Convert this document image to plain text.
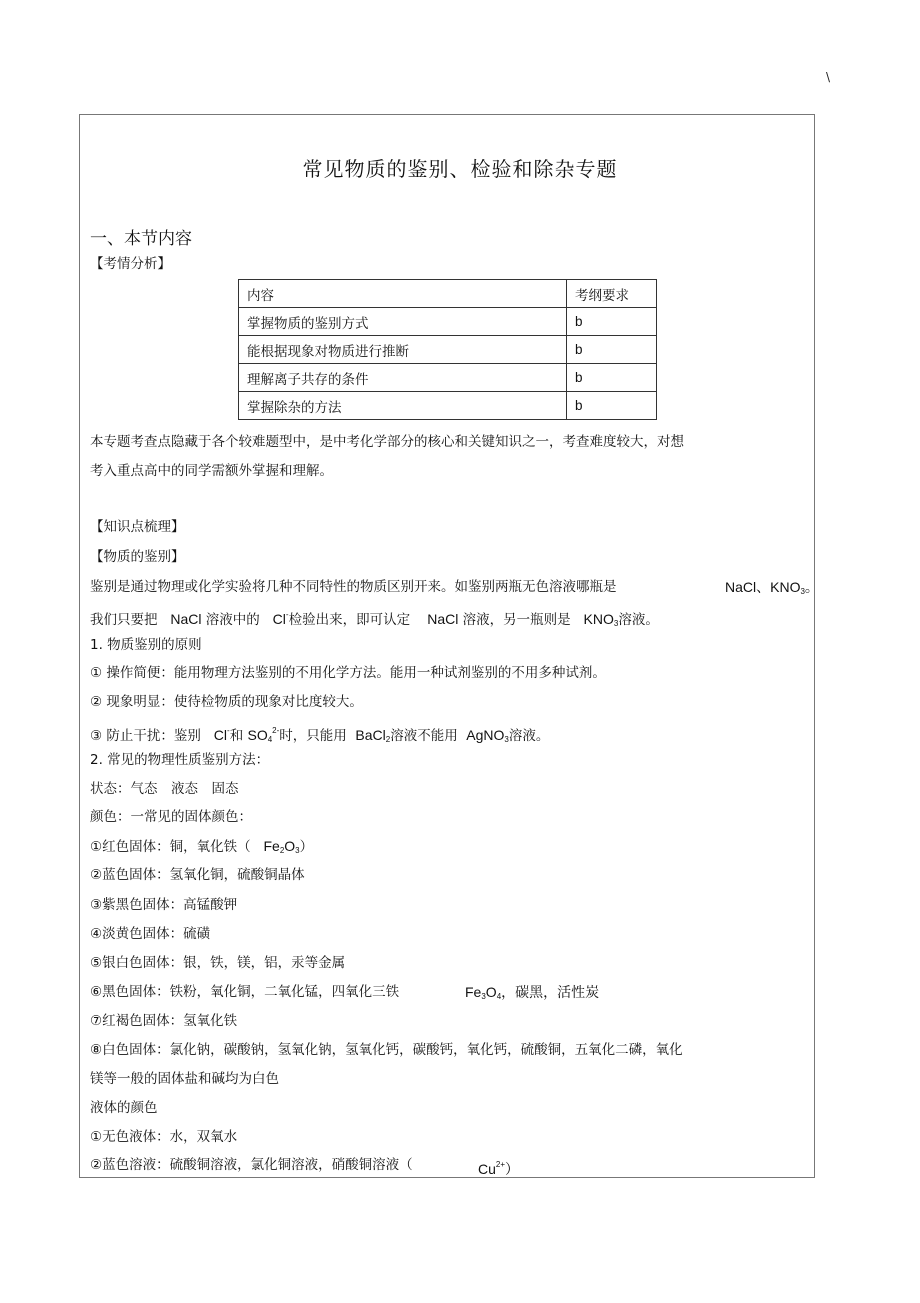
\
常见物质的鉴别、检验和除杂专题
一、本节内容
【考情分析】
内容	考纲要求
掌握物质的鉴别方式	b
能根据现象对物质进行推断	b
理解离子共存的条件	b
掌握除杂的方法	b
本专题考查点隐藏于各个较难题型中，是中考化学部分的核心和关键知识之一，考查难度较大，对想
考入重点高中的同学需额外掌握和理解。
【知识点梳理】
【物质的鉴别】
鉴别是通过物理或化学实验将几种不同特性的物质区别开来。如鉴别两瓶无色溶液哪瓶是	NaCl、$KNO_3$。
我们只要把 NaCl 溶液中的 Cl-检验出来，即可认定 NaCl 溶液，另一瓶则是 $KNO_3$溶液。
1. 物质鉴别的原则
① 操作简便：能用物理方法鉴别的不用化学方法。能用一种试剂鉴别的不用多种试剂。
② 现象明显：使待检物质的现象对比度较大。
③ 防止干扰：鉴别 Cl-和 $SO_4^{2-}$时，只能用 BaCl$_2$溶液不能用 AgNO$_3$溶液。
2. 常见的物理性质鉴别方法：
状态：气态　液态　固态
颜色：一常见的固体颜色：
①红色固体：铜，氧化铁（ $Fe_2O_3$）
②蓝色固体：氢氧化铜，硫酸铜晶体
③紫黑色固体：高锰酸钾
④淡黄色固体：硫磺
⑤银白色固体：银，铁，镁，铝，汞等金属
⑥黑色固体：铁粉，氧化铜，二氧化锰，四氧化三铁	$Fe_3O_4$，碳黑，活性炭
⑦红褐色固体：氢氧化铁
⑧白色固体：氯化钠，碳酸钠，氢氧化钠，氢氧化钙，碳酸钙，氧化钙，硫酸铜，五氧化二磷，氧化
镁等一般的固体盐和碱均为白色
液体的颜色
①无色液体：水，双氧水
②蓝色溶液：硫酸铜溶液，氯化铜溶液，硝酸铜溶液（	$Cu^{2+}$）
